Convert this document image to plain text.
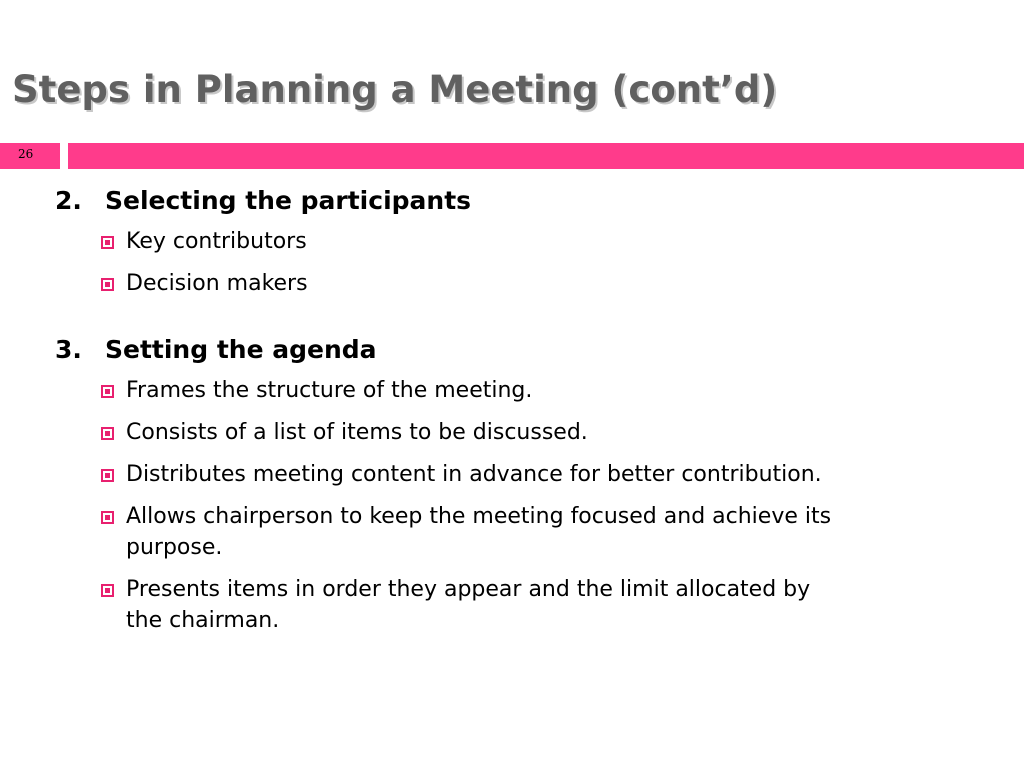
Steps in Planning a Meeting (cont’d)
26
2. Selecting the participants
Key contributors
Decision makers
3. Setting the agenda
Frames the structure of the meeting.
Consists of a list of items to be discussed.
Distributes meeting content in advance for better contribution.
Allows chairperson to keep the meeting focused and achieve its purpose.
Presents items in order they appear and the limit allocated by the chairman.
